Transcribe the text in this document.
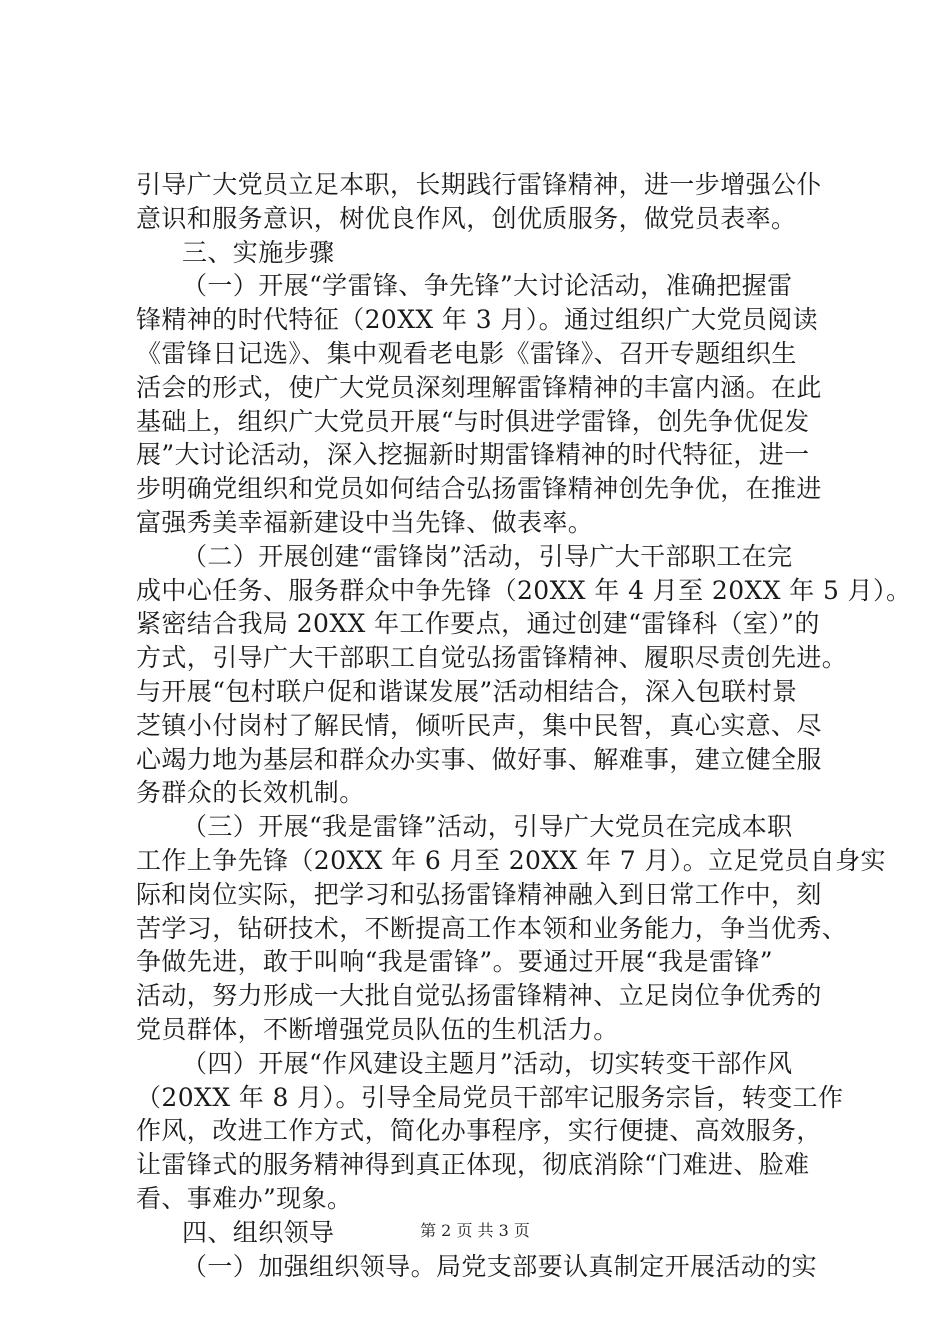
引导广大党员立足本职，长期践行雷锋精神，进一步增强公仆
意识和服务意识，树优良作风，创优质服务，做党员表率。
三、实施步骤
（一）开展“学雷锋、争先锋”大讨论活动，准确把握雷
锋精神的时代特征（20XX 年 3 月）。通过组织广大党员阅读
《雷锋日记选》、集中观看老电影《雷锋》、召开专题组织生
活会的形式，使广大党员深刻理解雷锋精神的丰富内涵。在此
基础上，组织广大党员开展“与时俱进学雷锋，创先争优促发
展”大讨论活动，深入挖掘新时期雷锋精神的时代特征，进一
步明确党组织和党员如何结合弘扬雷锋精神创先争优，在推进
富强秀美幸福新建设中当先锋、做表率。
（二）开展创建“雷锋岗”活动，引导广大干部职工在完
成中心任务、服务群众中争先锋（20XX 年 4 月至 20XX 年 5 月）。
紧密结合我局 20XX 年工作要点，通过创建“雷锋科（室）”的
方式，引导广大干部职工自觉弘扬雷锋精神、履职尽责创先进。
与开展“包村联户促和谐谋发展”活动相结合，深入包联村景
芝镇小付岗村了解民情，倾听民声，集中民智，真心实意、尽
心竭力地为基层和群众办实事、做好事、解难事，建立健全服
务群众的长效机制。
（三）开展“我是雷锋”活动，引导广大党员在完成本职
工作上争先锋（20XX 年 6 月至 20XX 年 7 月）。立足党员自身实
际和岗位实际，把学习和弘扬雷锋精神融入到日常工作中，刻
苦学习，钻研技术，不断提高工作本领和业务能力，争当优秀、
争做先进，敢于叫响“我是雷锋”。要通过开展“我是雷锋”
活动，努力形成一大批自觉弘扬雷锋精神、立足岗位争优秀的
党员群体，不断增强党员队伍的生机活力。
（四）开展“作风建设主题月”活动，切实转变干部作风
（20XX 年 8 月）。引导全局党员干部牢记服务宗旨，转变工作
作风，改进工作方式，简化办事程序，实行便捷、高效服务，
让雷锋式的服务精神得到真正体现，彻底消除“门难进、脸难
看、事难办”现象。
四、组织领导
（一）加强组织领导。局党支部要认真制定开展活动的实
第 2 页 共 3 页
